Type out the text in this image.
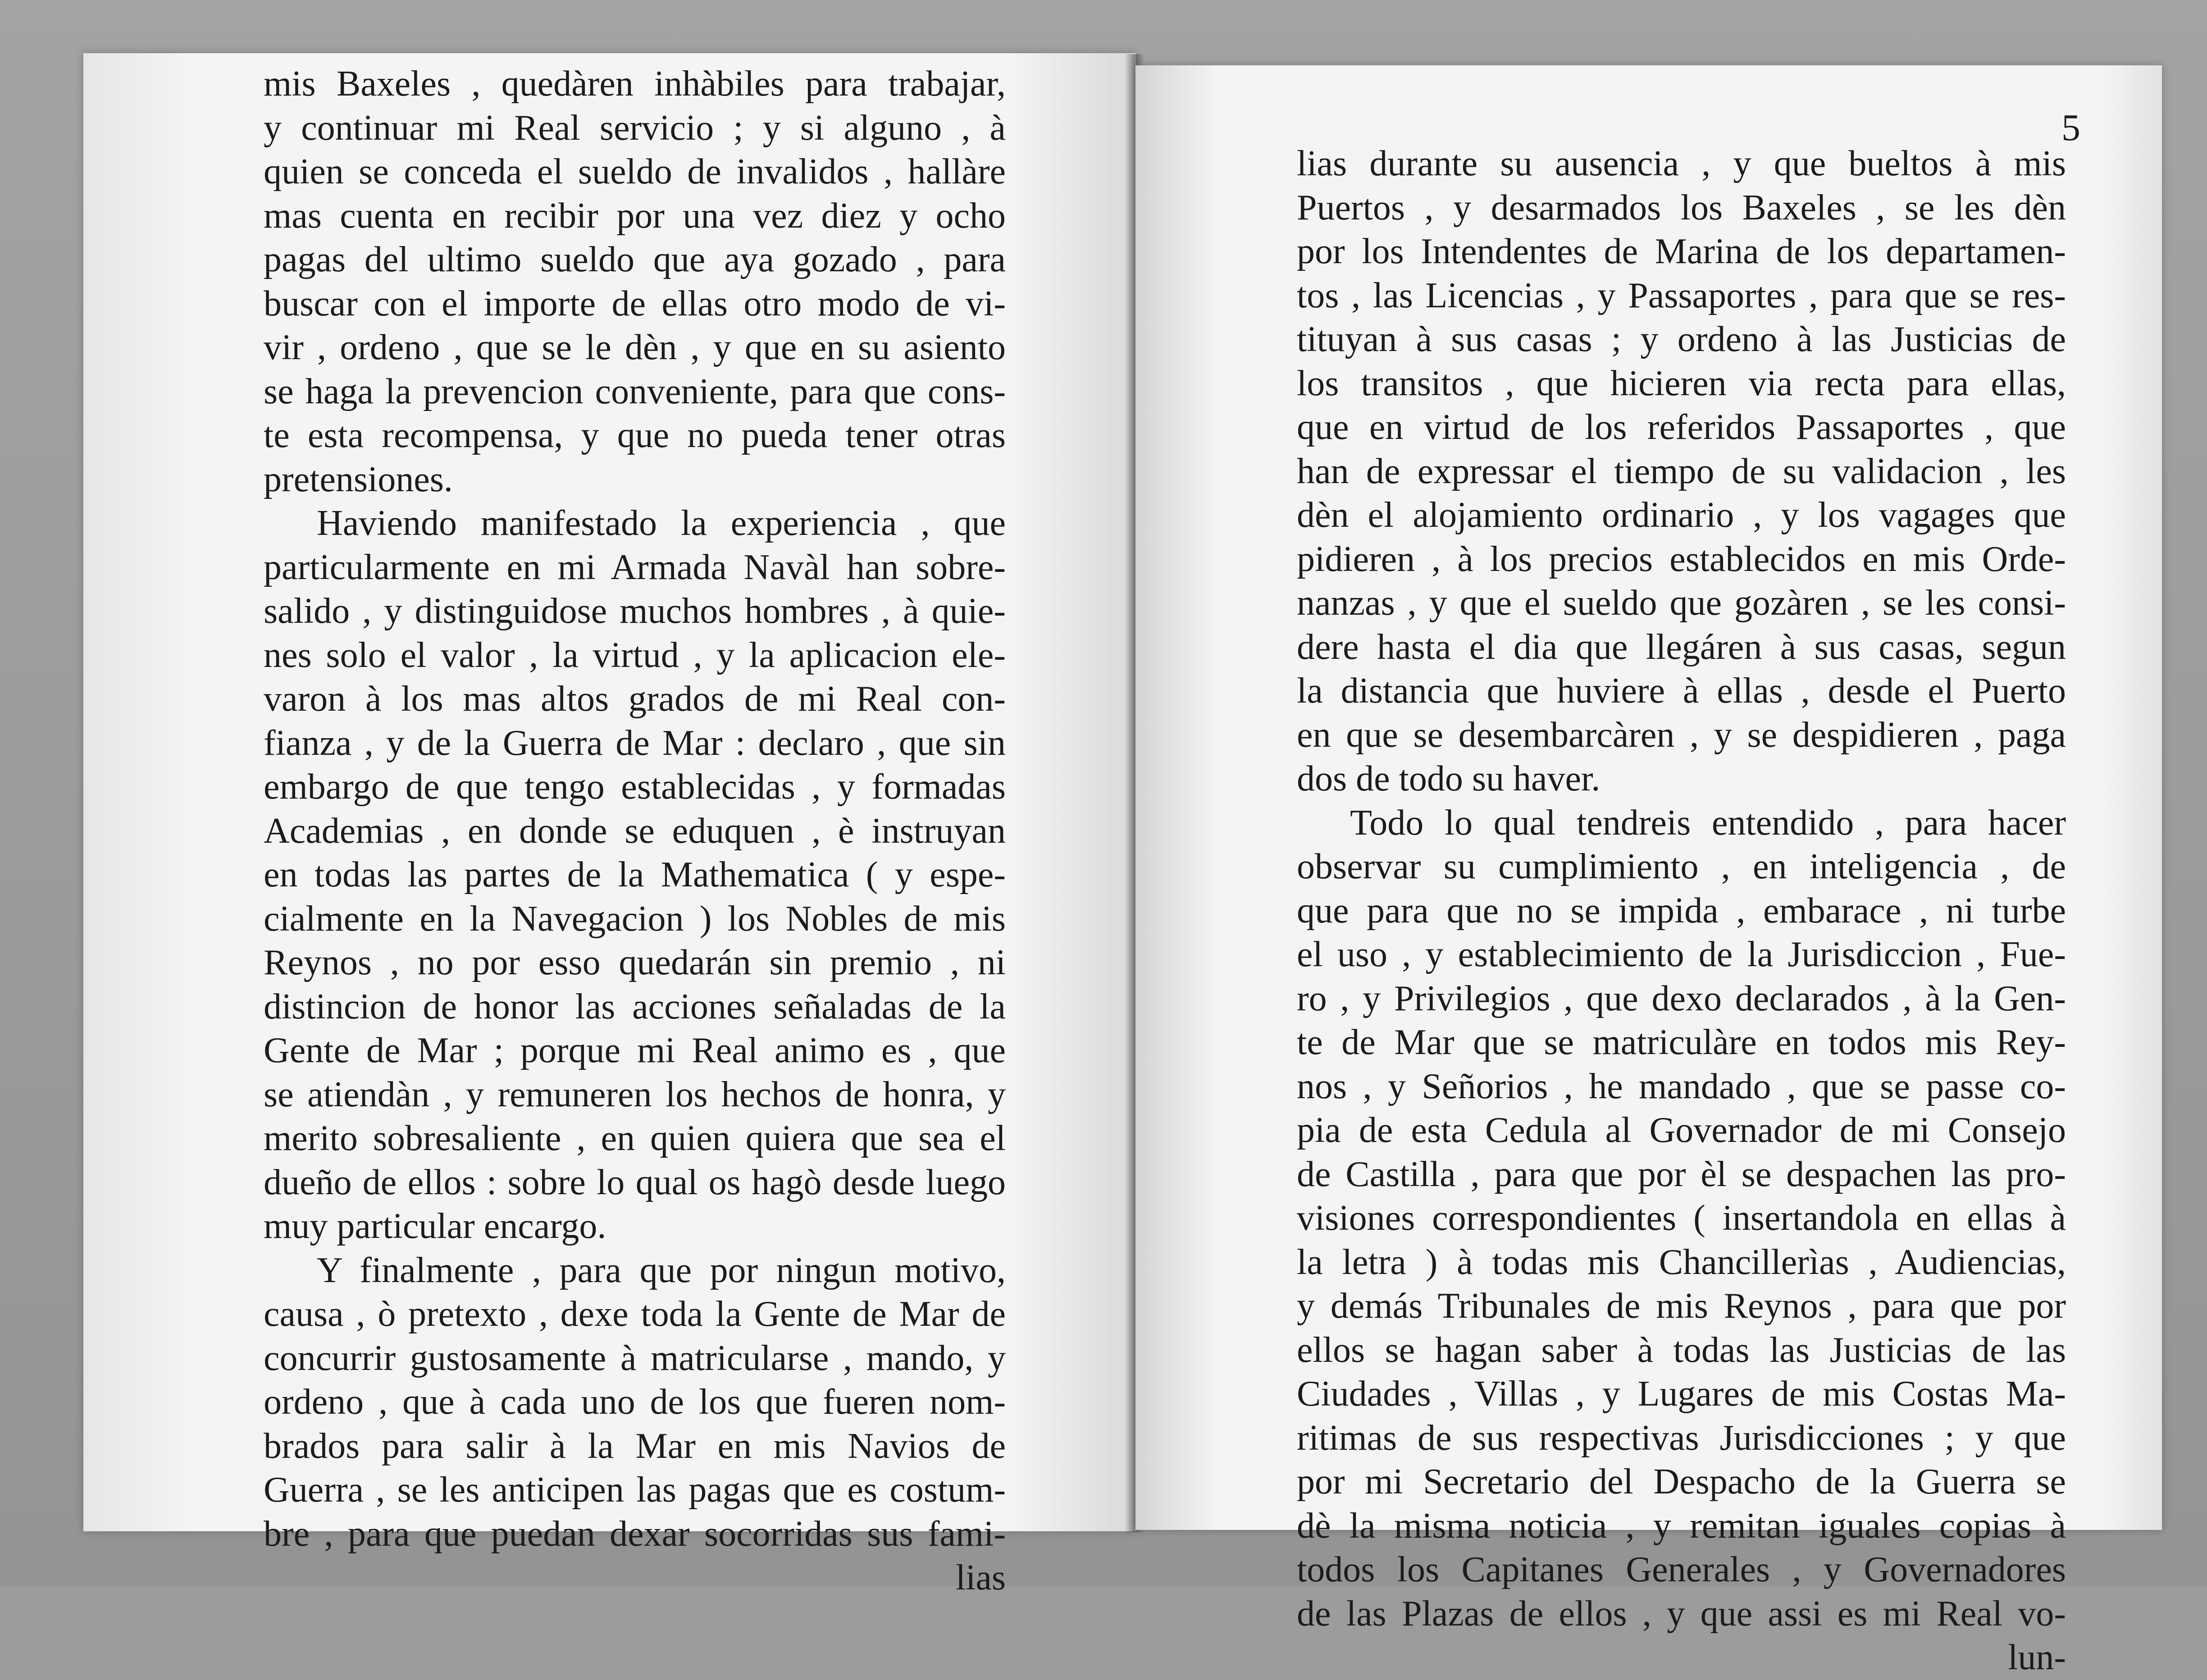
mis Baxeles , quedàren inhàbiles para trabajar,
y continuar mi Real servicio ; y si alguno , à
quien se conceda el sueldo de invalidos , hallàre
mas cuenta en recibir por una vez diez y ocho
pagas del ultimo sueldo que aya gozado , para
buscar con el importe de ellas otro modo de vi-
vir , ordeno , que se le dèn , y que en su asiento
se haga la prevencion conveniente, para que cons-
te esta recompensa, y que no pueda tener otras
pretensiones.
Haviendo manifestado la experiencia , que
particularmente en mi Armada Navàl han sobre-
salido , y distinguidose muchos hombres , à quie-
nes solo el valor , la virtud , y la aplicacion ele-
varon à los mas altos grados de mi Real con-
fianza , y de la Guerra de Mar : declaro , que sin
embargo de que tengo establecidas , y formadas
Academias , en donde se eduquen , è instruyan
en todas las partes de la Mathematica ( y espe-
cialmente en la Navegacion ) los Nobles de mis
Reynos , no por esso quedarán sin premio , ni
distincion de honor las acciones señaladas de la
Gente de Mar ; porque mi Real animo es , que
se atiendàn , y remuneren los hechos de honra, y
merito sobresaliente , en quien quiera que sea el
dueño de ellos : sobre lo qual os hagò desde luego
muy particular encargo.
Y finalmente , para que por ningun motivo,
causa , ò pretexto , dexe toda la Gente de Mar de
concurrir gustosamente à matricularse , mando, y
ordeno , que à cada uno de los que fueren nom-
brados para salir à la Mar en mis Navios de
Guerra , se les anticipen las pagas que es costum-
bre , para que puedan dexar socorridas sus fami-
lias
5
lias durante su ausencia , y que bueltos à mis
Puertos , y desarmados los Baxeles , se les dèn
por los Intendentes de Marina de los departamen-
tos , las Licencias , y Passaportes , para que se res-
tituyan à sus casas ; y ordeno à las Justicias de
los transitos , que hicieren via recta para ellas,
que en virtud de los referidos Passaportes , que
han de expressar el tiempo de su validacion , les
dèn el alojamiento ordinario , y los vagages que
pidieren , à los precios establecidos en mis Orde-
nanzas , y que el sueldo que gozàren , se les consi-
dere hasta el dia que llegáren à sus casas, segun
la distancia que huviere à ellas , desde el Puerto
en que se desembarcàren , y se despidieren , paga
dos de todo su haver.
Todo lo qual tendreis entendido , para hacer
observar su cumplimiento , en inteligencia , de
que para que no se impida , embarace , ni turbe
el uso , y establecimiento de la Jurisdiccion , Fue-
ro , y Privilegios , que dexo declarados , à la Gen-
te de Mar que se matriculàre en todos mis Rey-
nos , y Señorios , he mandado , que se passe co-
pia de esta Cedula al Governador de mi Consejo
de Castilla , para que por èl se despachen las pro-
visiones correspondientes ( insertandola en ellas à
la letra ) à todas mis Chancillerìas , Audiencias,
y demás Tribunales de mis Reynos , para que por
ellos se hagan saber à todas las Justicias de las
Ciudades , Villas , y Lugares de mis Costas Ma-
ritimas de sus respectivas Jurisdicciones ; y que
por mi Secretario del Despacho de la Guerra se
dè la misma noticia , y remitan iguales copias à
todos los Capitanes Generales , y Governadores
de las Plazas de ellos , y que assi es mi Real vo-
lun-
